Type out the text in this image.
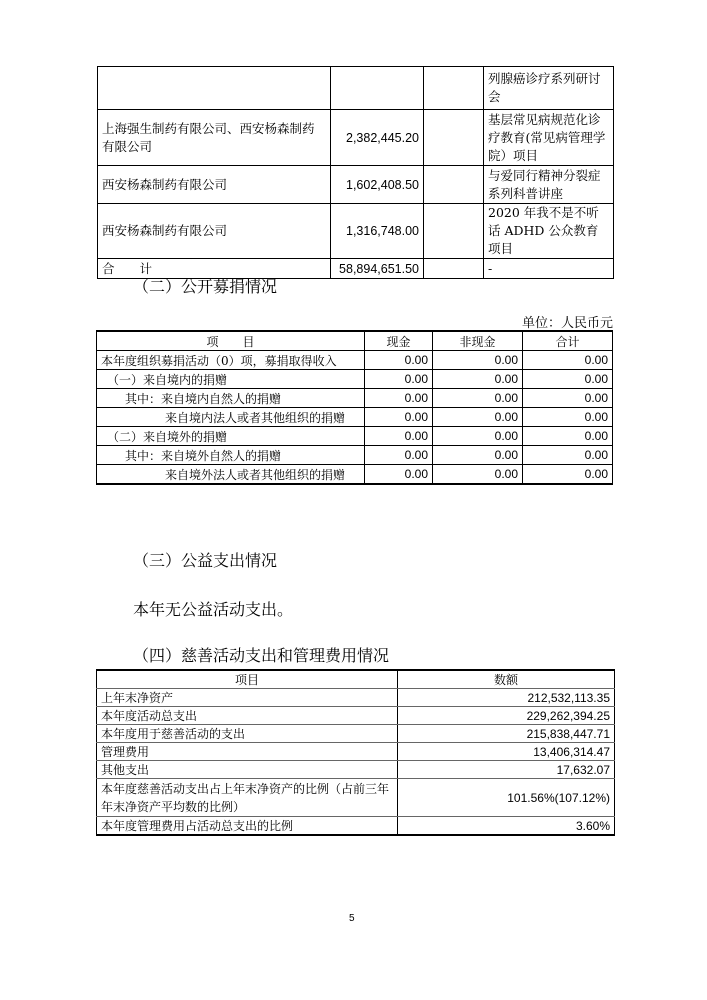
			列腺癌诊疗系列研讨会
上海强生制药有限公司、西安杨森制药有限公司	2,382,445.20		基层常见病规范化诊疗教育(常见病管理学院）项目
西安杨森制药有限公司	1,602,408.50		与爱同行精神分裂症系列科普讲座
西安杨森制药有限公司	1,316,748.00		2020 年我不是不听话 ADHD 公众教育项目
合　　计	58,894,651.50		-
（二）公开募捐情况
单位：人民币元
项　　目	现金	非现金	合计
本年度组织募捐活动（0）项，募捐取得收入	0.00	0.00	0.00
（一）来自境内的捐赠	0.00	0.00	0.00
其中：来自境内自然人的捐赠	0.00	0.00	0.00
来自境内法人或者其他组织的捐赠	0.00	0.00	0.00
（二）来自境外的捐赠	0.00	0.00	0.00
其中：来自境外自然人的捐赠	0.00	0.00	0.00
来自境外法人或者其他组织的捐赠	0.00	0.00	0.00
（三）公益支出情况
本年无公益活动支出。
（四）慈善活动支出和管理费用情况
项目	数额
上年末净资产	212,532,113.35
本年度活动总支出	229,262,394.25
本年度用于慈善活动的支出	215,838,447.71
管理费用	13,406,314.47
其他支出	17,632.07
本年度慈善活动支出占上年末净资产的比例（占前三年年末净资产平均数的比例）	101.56%(107.12%)
本年度管理费用占活动总支出的比例	3.60%
5
